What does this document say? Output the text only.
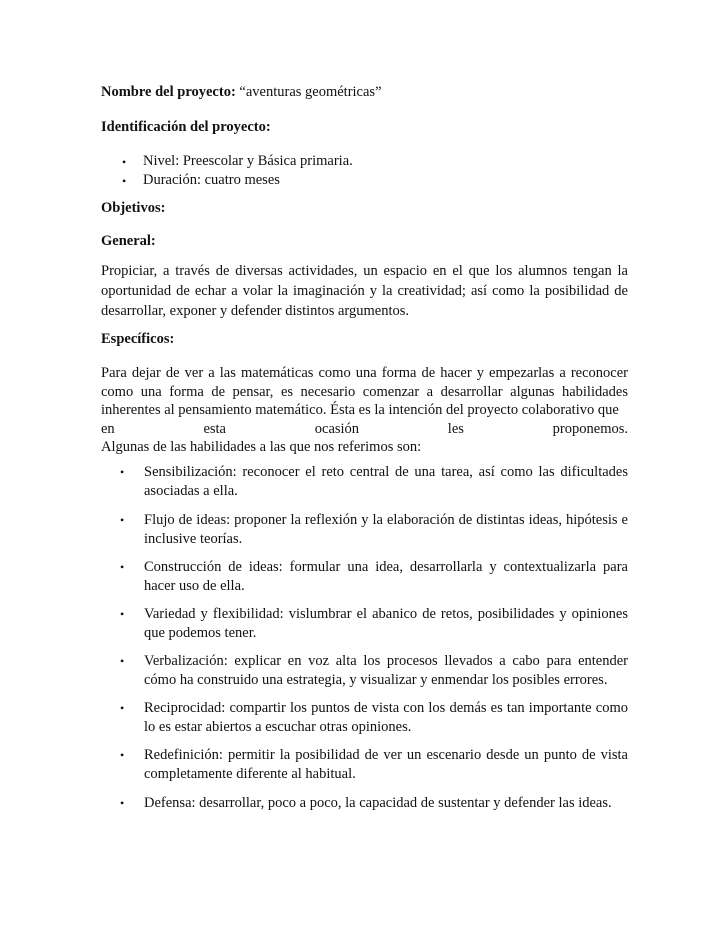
Nombre del proyecto: “aventuras geométricas”

Identificación del proyecto:

• Nivel: Preescolar y Básica primaria.
• Duración: cuatro meses

Objetivos:

General:

Propiciar, a través de diversas actividades, un espacio en el que los alumnos tengan la oportunidad de echar a volar la imaginación y la creatividad; así como la posibilidad de desarrollar, exponer y defender distintos argumentos.

Específicos:

Para dejar de ver a las matemáticas como una forma de hacer y empezarlas a reconocer como una forma de pensar, es necesario comenzar a desarrollar algunas habilidades inherentes al pensamiento matemático. Ésta es la intención del proyecto colaborativo que
en esta ocasión les proponemos.
Algunas de las habilidades a las que nos referimos son:
• Sensibilización: reconocer el reto central de una tarea, así como las dificultades asociadas a ella.
• Flujo de ideas: proponer la reflexión y la elaboración de distintas ideas, hipótesis e inclusive teorías.
• Construcción de ideas: formular una idea, desarrollarla y contextualizarla para hacer uso de ella.
• Variedad y flexibilidad: vislumbrar el abanico de retos, posibilidades y opiniones que podemos tener.
• Verbalización: explicar en voz alta los procesos llevados a cabo para entender cómo ha construido una estrategia, y visualizar y enmendar los posibles errores.
• Reciprocidad: compartir los puntos de vista con los demás es tan importante como lo es estar abiertos a escuchar otras opiniones.
• Redefinición: permitir la posibilidad de ver un escenario desde un punto de vista completamente diferente al habitual.
• Defensa: desarrollar, poco a poco, la capacidad de sustentar y defender las ideas.
